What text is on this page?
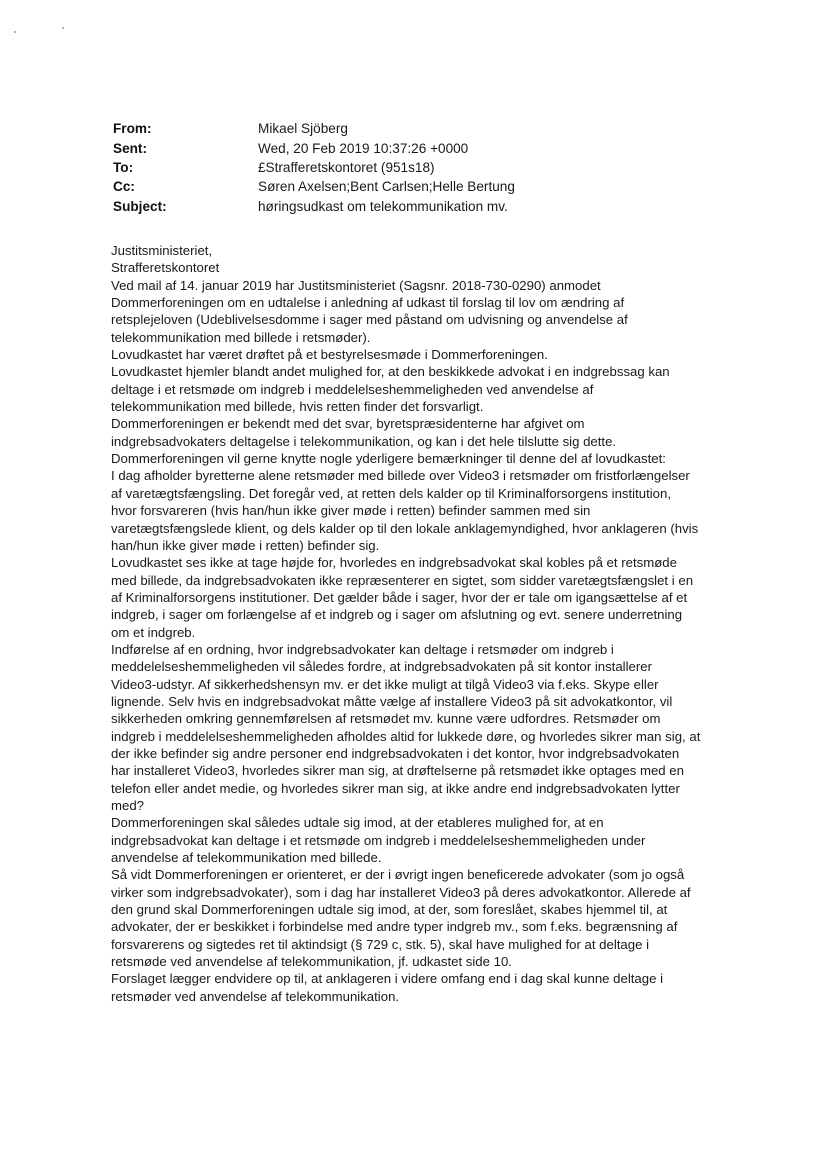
From:	Mikael Sjöberg
Sent:	Wed, 20 Feb 2019 10:37:26 +0000
To:	£Strafferetskontoret (951s18)
Cc:	Søren Axelsen;Bent Carlsen;Helle Bertung
Subject:	høringsudkast om telekommunikation mv.
Justitsministeriet,
Strafferetskontoret
Ved mail af 14. januar 2019 har Justitsministeriet (Sagsnr. 2018-730-0290) anmodet
Dommerforeningen om en udtalelse i anledning af udkast til forslag til lov om ændring af
retsplejeloven (Udeblivelsesdomme i sager med påstand om udvisning og anvendelse af
telekommunikation med billede i retsmøder).
Lovudkastet har været drøftet på et bestyrelsesmøde i Dommerforeningen.
Lovudkastet hjemler blandt andet mulighed for, at den beskikkede advokat i en indgrebssag kan
deltage i et retsmøde om indgreb i meddelelseshemmeligheden ved anvendelse af
telekommunikation med billede, hvis retten finder det forsvarligt.
Dommerforeningen er bekendt med det svar, byretspræsidenterne har afgivet om
indgrebsadvokaters deltagelse i telekommunikation, og kan i det hele tilslutte sig dette.
Dommerforeningen vil gerne knytte nogle yderligere bemærkninger til denne del af lovudkastet:
I dag afholder byretterne alene retsmøder med billede over Video3 i retsmøder om fristforlængelser
af varetægtsfængsling. Det foregår ved, at retten dels kalder op til Kriminalforsorgens institution,
hvor forsvareren (hvis han/hun ikke giver møde i retten) befinder sammen med sin
varetægtsfængslede klient, og dels kalder op til den lokale anklagemyndighed, hvor anklageren (hvis
han/hun ikke giver møde i retten) befinder sig.
Lovudkastet ses ikke at tage højde for, hvorledes en indgrebsadvokat skal kobles på et retsmøde
med billede, da indgrebsadvokaten ikke repræsenterer en sigtet, som sidder varetægtsfængslet i en
af Kriminalforsorgens institutioner. Det gælder både i sager, hvor der er tale om igangsættelse af et
indgreb, i sager om forlængelse af et indgreb og i sager om afslutning og evt. senere underretning
om et indgreb.
Indførelse af en ordning, hvor indgrebsadvokater kan deltage i retsmøder om indgreb i
meddelelseshemmeligheden vil således fordre, at indgrebsadvokaten på sit kontor installerer
Video3-udstyr. Af sikkerhedshensyn mv. er det ikke muligt at tilgå Video3 via f.eks. Skype eller
lignende. Selv hvis en indgrebsadvokat måtte vælge af installere Video3 på sit advokatkontor, vil
sikkerheden omkring gennemførelsen af retsmødet mv. kunne være udfordres. Retsmøder om
indgreb i meddelelseshemmeligheden afholdes altid for lukkede døre, og hvorledes sikrer man sig, at
der ikke befinder sig andre personer end indgrebsadvokaten i det kontor, hvor indgrebsadvokaten
har installeret Video3, hvorledes sikrer man sig, at drøftelserne på retsmødet ikke optages med en
telefon eller andet medie, og hvorledes sikrer man sig, at ikke andre end indgrebsadvokaten lytter
med?
Dommerforeningen skal således udtale sig imod, at der etableres mulighed for, at en
indgrebsadvokat kan deltage i et retsmøde om indgreb i meddelelseshemmeligheden under
anvendelse af telekommunikation med billede.
Så vidt Dommerforeningen er orienteret, er der i øvrigt ingen beneficerede advokater (som jo også
virker som indgrebsadvokater), som i dag har installeret Video3 på deres advokatkontor. Allerede af
den grund skal Dommerforeningen udtale sig imod, at der, som foreslået, skabes hjemmel til, at
advokater, der er beskikket i forbindelse med andre typer indgreb mv., som f.eks. begrænsning af
forsvarerens og sigtedes ret til aktindsigt (§ 729 c, stk. 5), skal have mulighed for at deltage i
retsmøde ved anvendelse af telekommunikation, jf. udkastet side 10.
Forslaget lægger endvidere op til, at anklageren i videre omfang end i dag skal kunne deltage i
retsmøder ved anvendelse af telekommunikation.
